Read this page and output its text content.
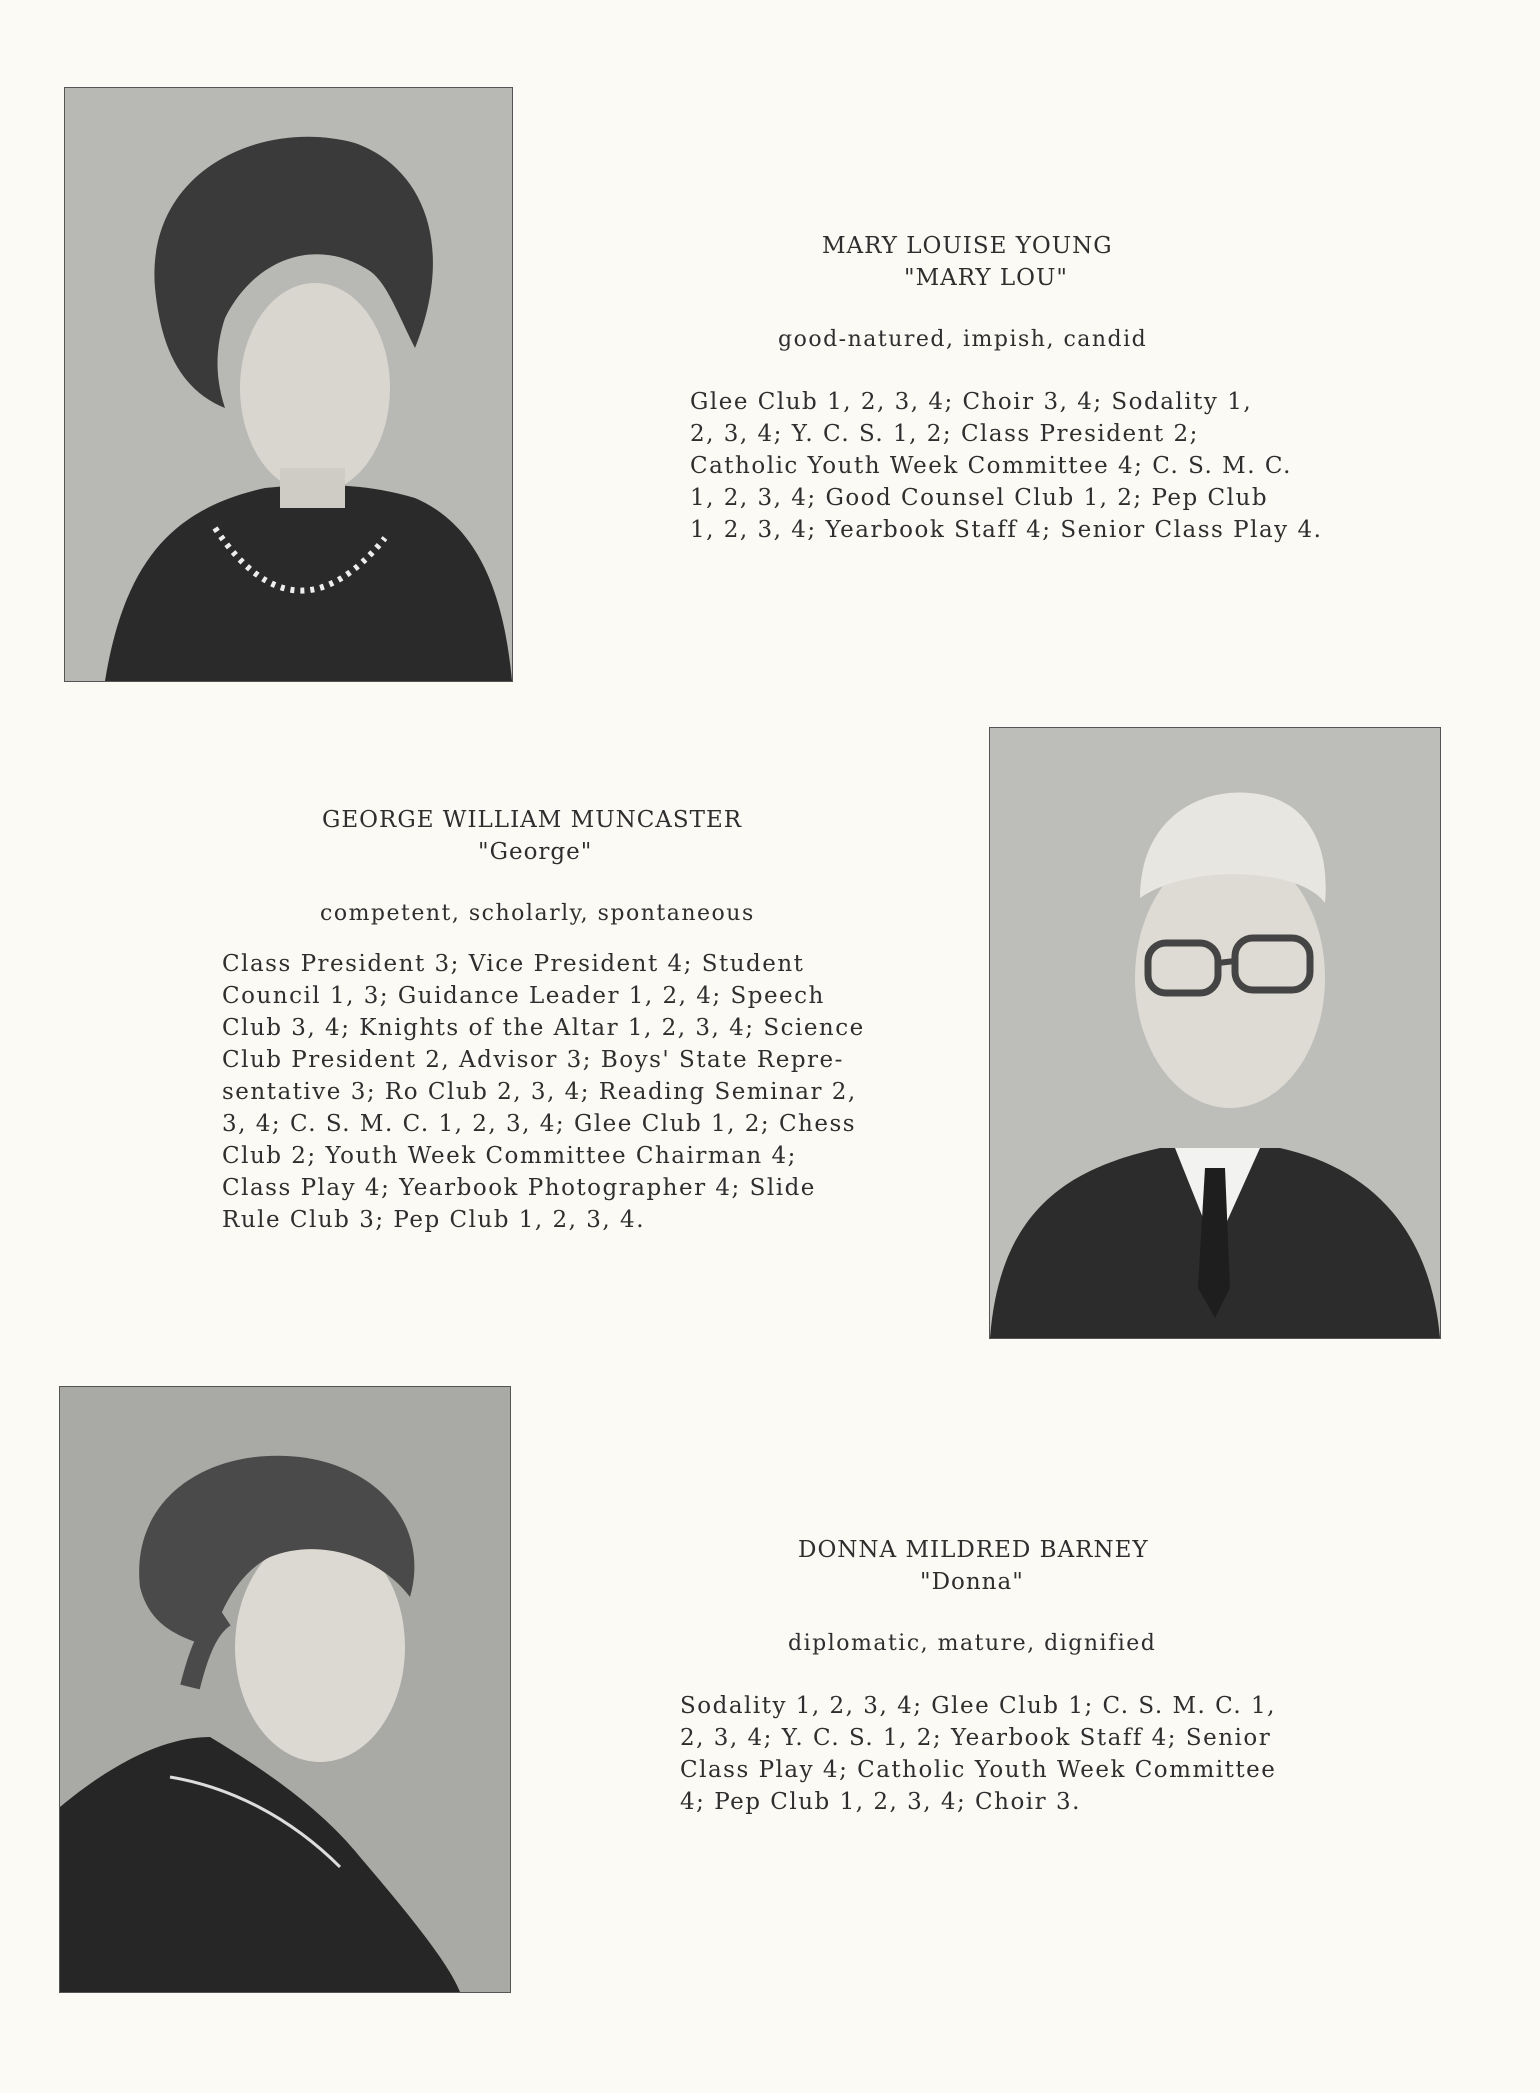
MARY LOUISE YOUNG
"MARY LOU"
good-natured, impish, candid
Glee Club 1, 2, 3, 4; Choir 3, 4; Sodality 1,
2, 3, 4; Y. C. S. 1, 2; Class President 2;
Catholic Youth Week Committee 4; C. S. M. C.
1, 2, 3, 4; Good Counsel Club 1, 2; Pep Club
1, 2, 3, 4; Yearbook Staff 4; Senior Class Play 4.
GEORGE WILLIAM MUNCASTER
"George"
competent, scholarly, spontaneous
Class President 3; Vice President 4; Student
Council 1, 3; Guidance Leader 1, 2, 4; Speech
Club 3, 4; Knights of the Altar 1, 2, 3, 4; Science
Club President 2, Advisor 3; Boys' State Repre-
sentative 3; Ro Club 2, 3, 4; Reading Seminar 2,
3, 4; C. S. M. C. 1, 2, 3, 4; Glee Club 1, 2; Chess
Club 2; Youth Week Committee Chairman 4;
Class Play 4; Yearbook Photographer 4; Slide
Rule Club 3; Pep Club 1, 2, 3, 4.
DONNA MILDRED BARNEY
"Donna"
diplomatic, mature, dignified
Sodality 1, 2, 3, 4; Glee Club 1; C. S. M. C. 1,
2, 3, 4; Y. C. S. 1, 2; Yearbook Staff 4; Senior
Class Play 4; Catholic Youth Week Committee
4; Pep Club 1, 2, 3, 4; Choir 3.
